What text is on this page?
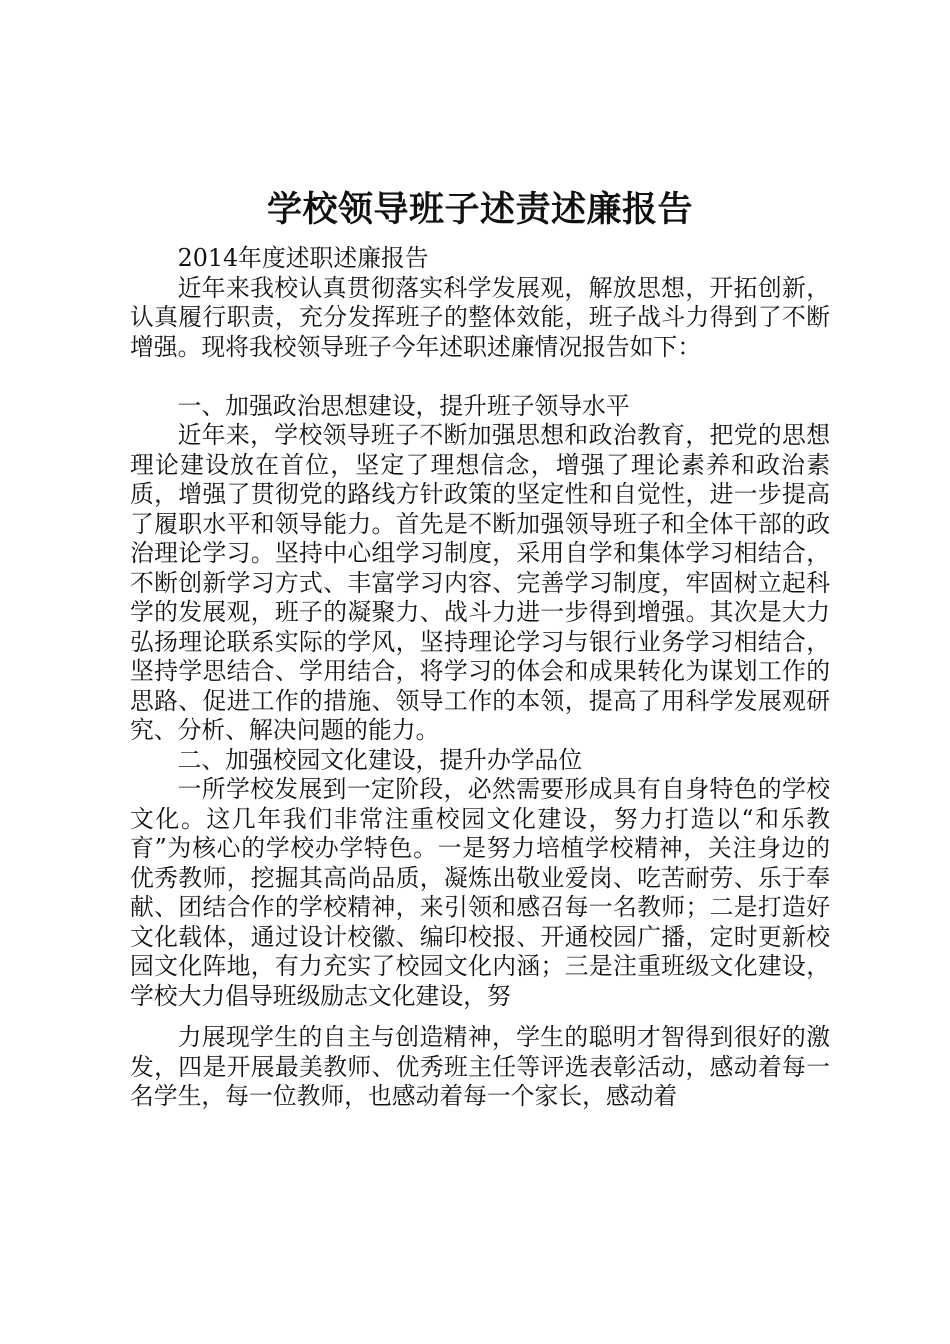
学校领导班子述责述廉报告

2014年度述职述廉报告

近年来我校认真贯彻落实科学发展观，解放思想，开拓创新，认真履行职责，充分发挥班子的整体效能，班子战斗力得到了不断增强。现将我校领导班子今年述职述廉情况报告如下：

一、加强政治思想建设，提升班子领导水平

近年来，学校领导班子不断加强思想和政治教育，把党的思想理论建设放在首位，坚定了理想信念，增强了理论素养和政治素质，增强了贯彻党的路线方针政策的坚定性和自觉性，进一步提高了履职水平和领导能力。首先是不断加强领导班子和全体干部的政治理论学习。坚持中心组学习制度，采用自学和集体学习相结合，不断创新学习方式、丰富学习内容、完善学习制度，牢固树立起科学的发展观，班子的凝聚力、战斗力进一步得到增强。其次是大力弘扬理论联系实际的学风，坚持理论学习与银行业务学习相结合，坚持学思结合、学用结合，将学习的体会和成果转化为谋划工作的思路、促进工作的措施、领导工作的本领，提高了用科学发展观研究、分析、解决问题的能力。

二、加强校园文化建设，提升办学品位

一所学校发展到一定阶段，必然需要形成具有自身特色的学校文化。这几年我们非常注重校园文化建设，努力打造以“和乐教育”为核心的学校办学特色。一是努力培植学校精神，关注身边的优秀教师，挖掘其高尚品质，凝炼出敬业爱岗、吃苦耐劳、乐于奉献、团结合作的学校精神，来引领和感召每一名教师；二是打造好文化载体，通过设计校徽、编印校报、开通校园广播，定时更新校园文化阵地，有力充实了校园文化内涵；三是注重班级文化建设，学校大力倡导班级励志文化建设，努

力展现学生的自主与创造精神，学生的聪明才智得到很好的激发，四是开展最美教师、优秀班主任等评选表彰活动，感动着每一名学生，每一位教师，也感动着每一个家长，感动着
